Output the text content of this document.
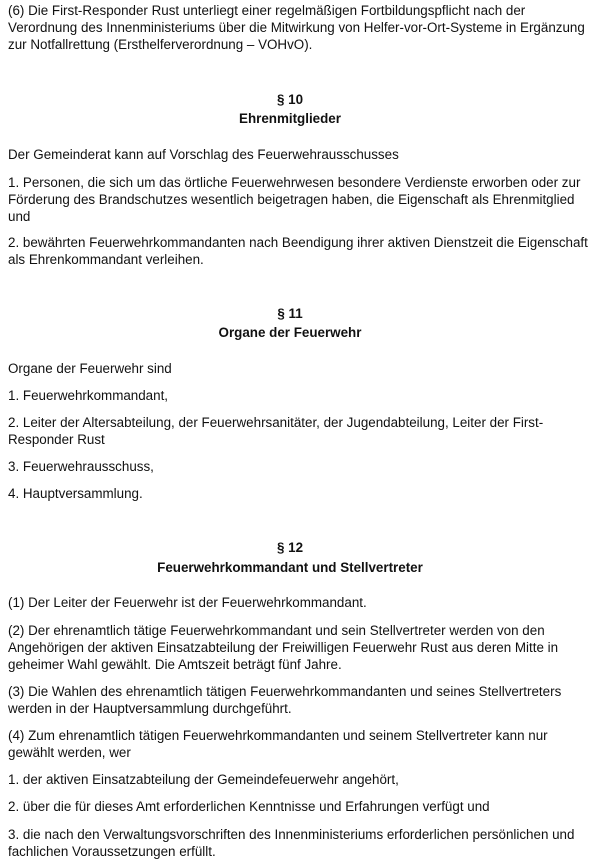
(6) Die First-Responder Rust unterliegt einer regelmäßigen Fortbildungspflicht nach der Verordnung des Innenministeriums über die Mitwirkung von Helfer-vor-Ort-Systeme in Ergänzung zur Notfallrettung (Ersthelferverordnung – VOHvO).

§ 10

Ehrenmitglieder

Der Gemeinderat kann auf Vorschlag des Feuerwehrausschusses

1. Personen, die sich um das örtliche Feuerwehrwesen besondere Verdienste erworben oder zur Förderung des Brandschutzes wesentlich beigetragen haben, die Eigenschaft als Ehrenmitglied und

2. bewährten Feuerwehrkommandanten nach Beendigung ihrer aktiven Dienstzeit die Eigenschaft als Ehrenkommandant verleihen.

§ 11

Organe der Feuerwehr

Organe der Feuerwehr sind

1. Feuerwehrkommandant,

2. Leiter der Altersabteilung, der Feuerwehrsanitäter, der Jugendabteilung, Leiter der First-Responder Rust

3. Feuerwehrausschuss,

4. Hauptversammlung.

§ 12

Feuerwehrkommandant und Stellvertreter

(1) Der Leiter der Feuerwehr ist der Feuerwehrkommandant.

(2) Der ehrenamtlich tätige Feuerwehrkommandant und sein Stellvertreter werden von den Angehörigen der aktiven Einsatzabteilung der Freiwilligen Feuerwehr Rust aus deren Mitte in geheimer Wahl gewählt. Die Amtszeit beträgt fünf Jahre.

(3) Die Wahlen des ehrenamtlich tätigen Feuerwehrkommandanten und seines Stellvertreters werden in der Hauptversammlung durchgeführt.

(4) Zum ehrenamtlich tätigen Feuerwehrkommandanten und seinem Stellvertreter kann nur gewählt werden, wer

1. der aktiven Einsatzabteilung der Gemeindefeuerwehr angehört,

2. über die für dieses Amt erforderlichen Kenntnisse und Erfahrungen verfügt und

3. die nach den Verwaltungsvorschriften des Innenministeriums erforderlichen persönlichen und fachlichen Voraussetzungen erfüllt.
